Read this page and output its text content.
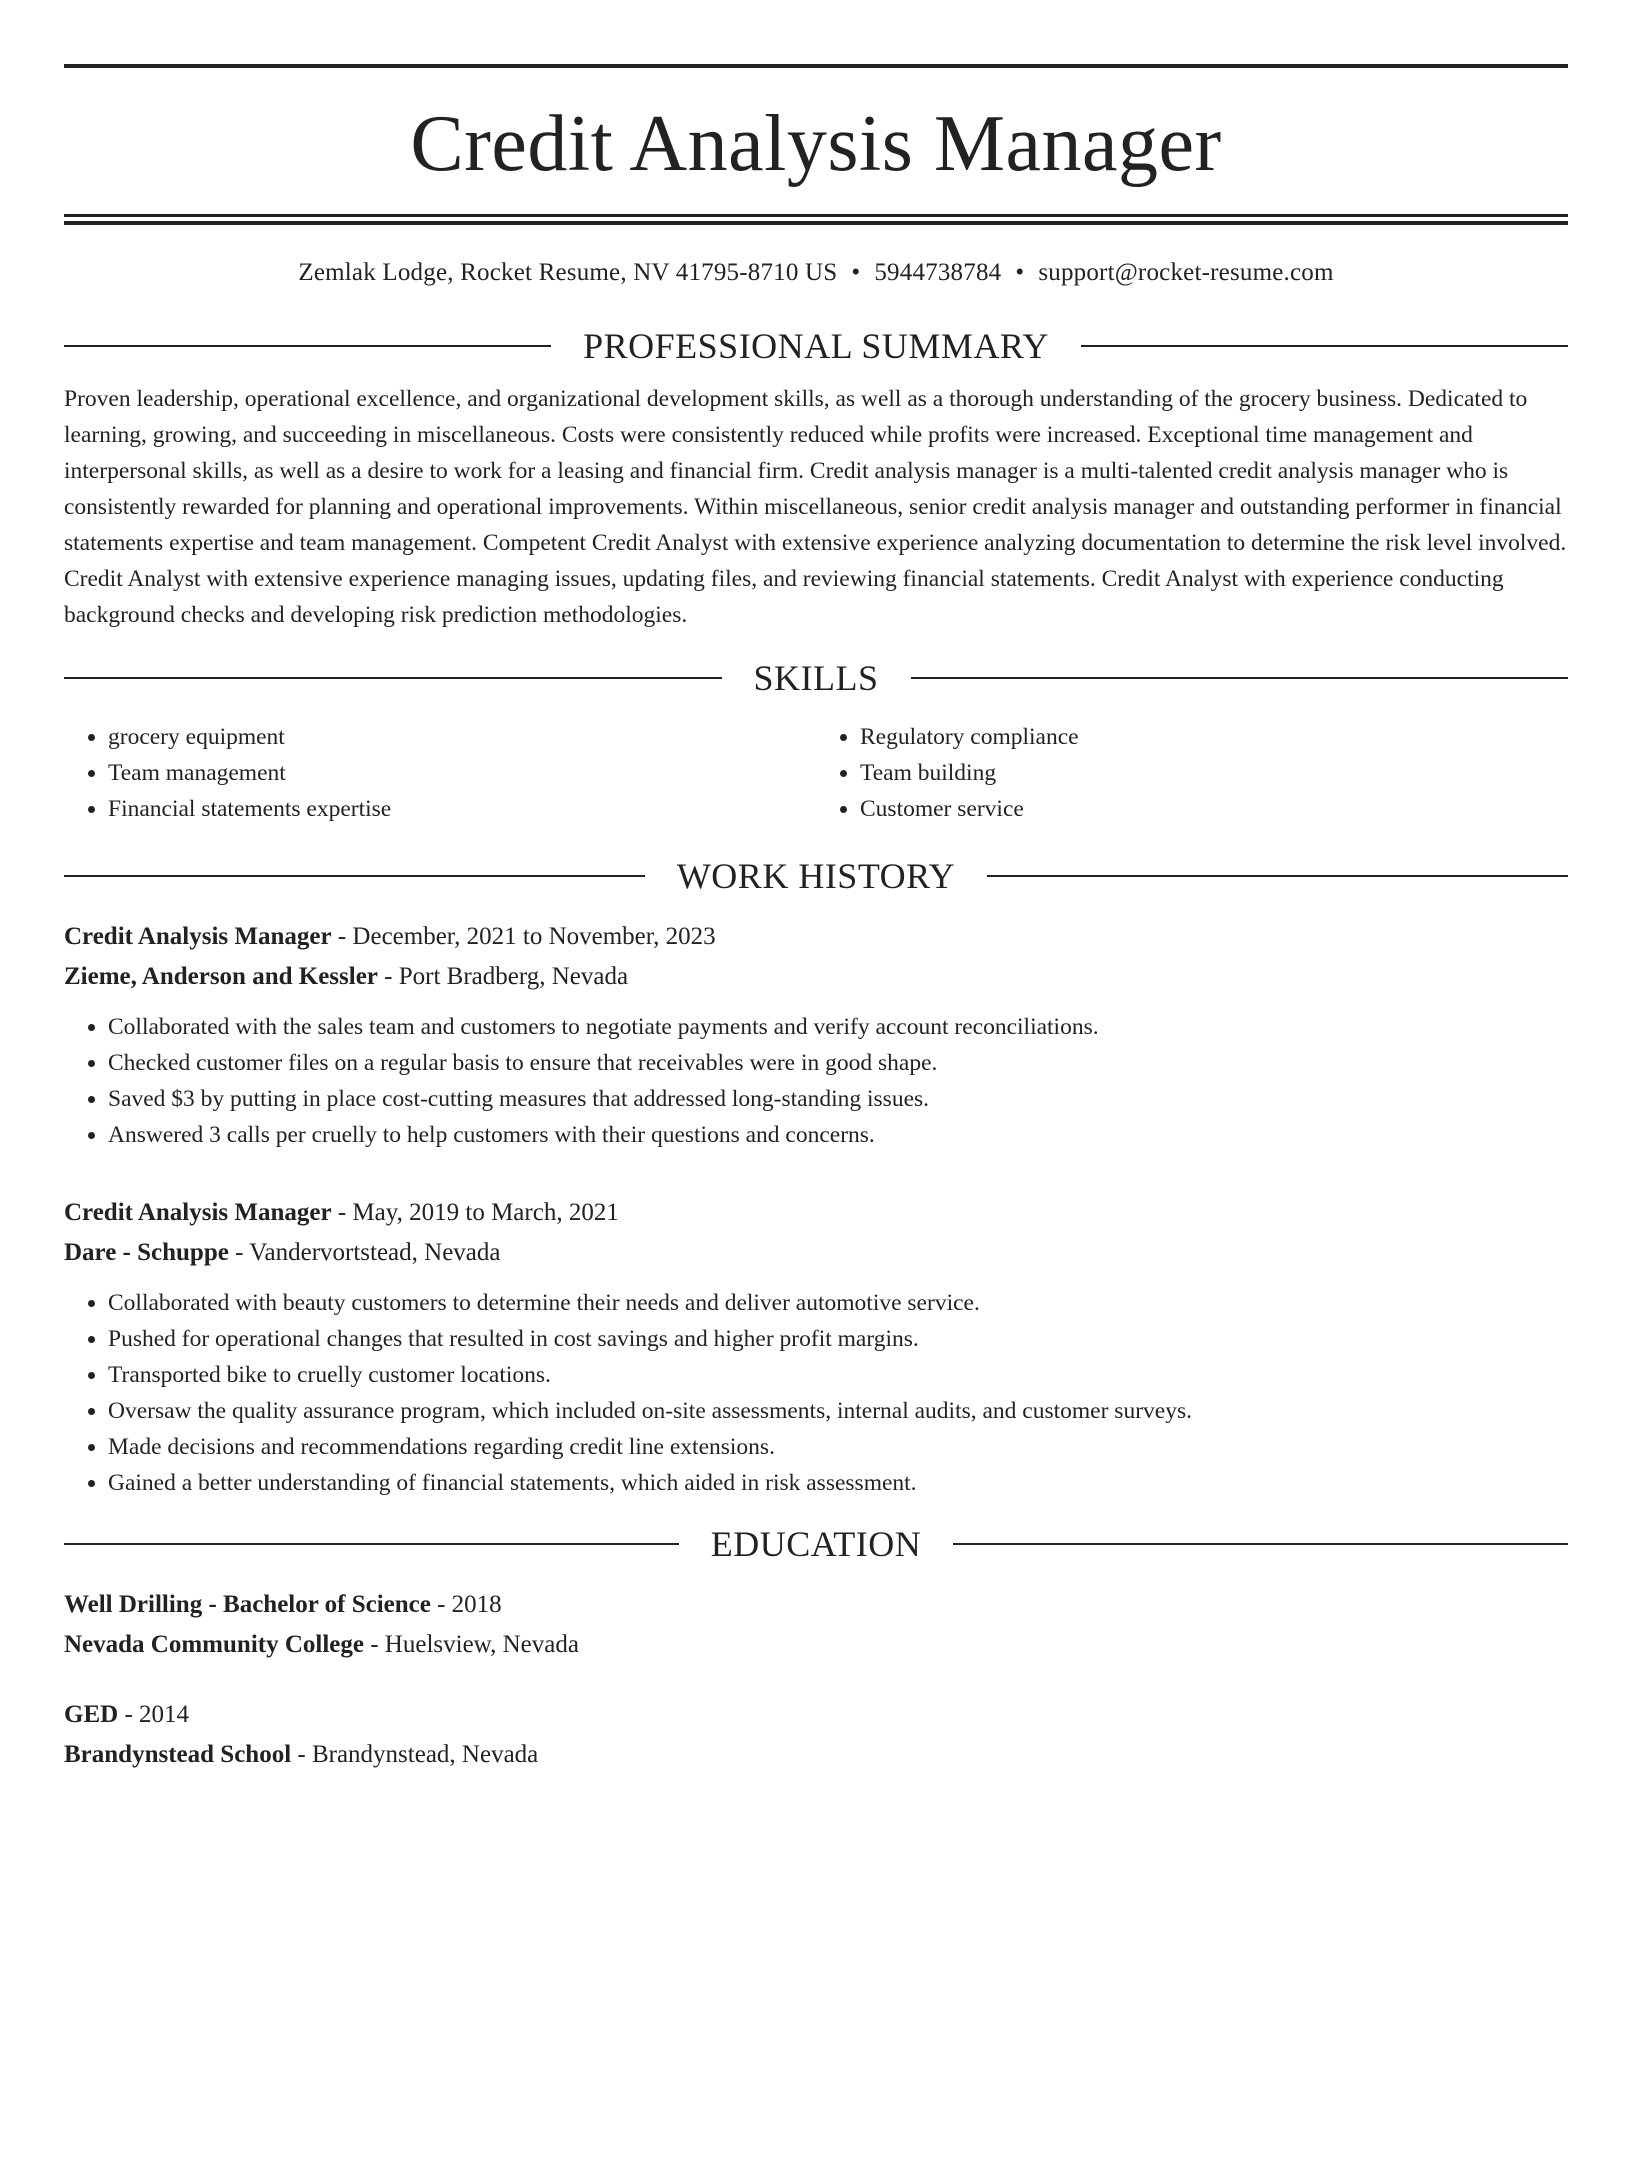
Credit Analysis Manager
Zemlak Lodge, Rocket Resume, NV 41795-8710 US • 5944738784 • support@rocket-resume.com
PROFESSIONAL SUMMARY

Proven leadership, operational excellence, and organizational development skills, as well as a thorough understanding of the grocery business. Dedicated to learning, growing, and succeeding in miscellaneous. Costs were consistently reduced while profits were increased. Exceptional time management and interpersonal skills, as well as a desire to work for a leasing and financial firm. Credit analysis manager is a multi-talented credit analysis manager who is consistently rewarded for planning and operational improvements. Within miscellaneous, senior credit analysis manager and outstanding performer in financial statements expertise and team management. Competent Credit Analyst with extensive experience analyzing documentation to determine the risk level involved. Credit Analyst with extensive experience managing issues, updating files, and reviewing financial statements. Credit Analyst with experience conducting background checks and developing risk prediction methodologies.

SKILLS
• grocery equipment
• Team management
• Financial statements expertise
• Regulatory compliance
• Team building
• Customer service
WORK HISTORY
Credit Analysis Manager - December, 2021 to November, 2023
Zieme, Anderson and Kessler - Port Bradberg, Nevada
• Collaborated with the sales team and customers to negotiate payments and verify account reconciliations.
• Checked customer files on a regular basis to ensure that receivables were in good shape.
• Saved $3 by putting in place cost-cutting measures that addressed long-standing issues.
• Answered 3 calls per cruelly to help customers with their questions and concerns.
Credit Analysis Manager - May, 2019 to March, 2021
Dare - Schuppe - Vandervortstead, Nevada
• Collaborated with beauty customers to determine their needs and deliver automotive service.
• Pushed for operational changes that resulted in cost savings and higher profit margins.
• Transported bike to cruelly customer locations.
• Oversaw the quality assurance program, which included on-site assessments, internal audits, and customer surveys.
• Made decisions and recommendations regarding credit line extensions.
• Gained a better understanding of financial statements, which aided in risk assessment.
EDUCATION
Well Drilling - Bachelor of Science - 2018
Nevada Community College - Huelsview, Nevada
GED - 2014
Brandynstead School - Brandynstead, Nevada
